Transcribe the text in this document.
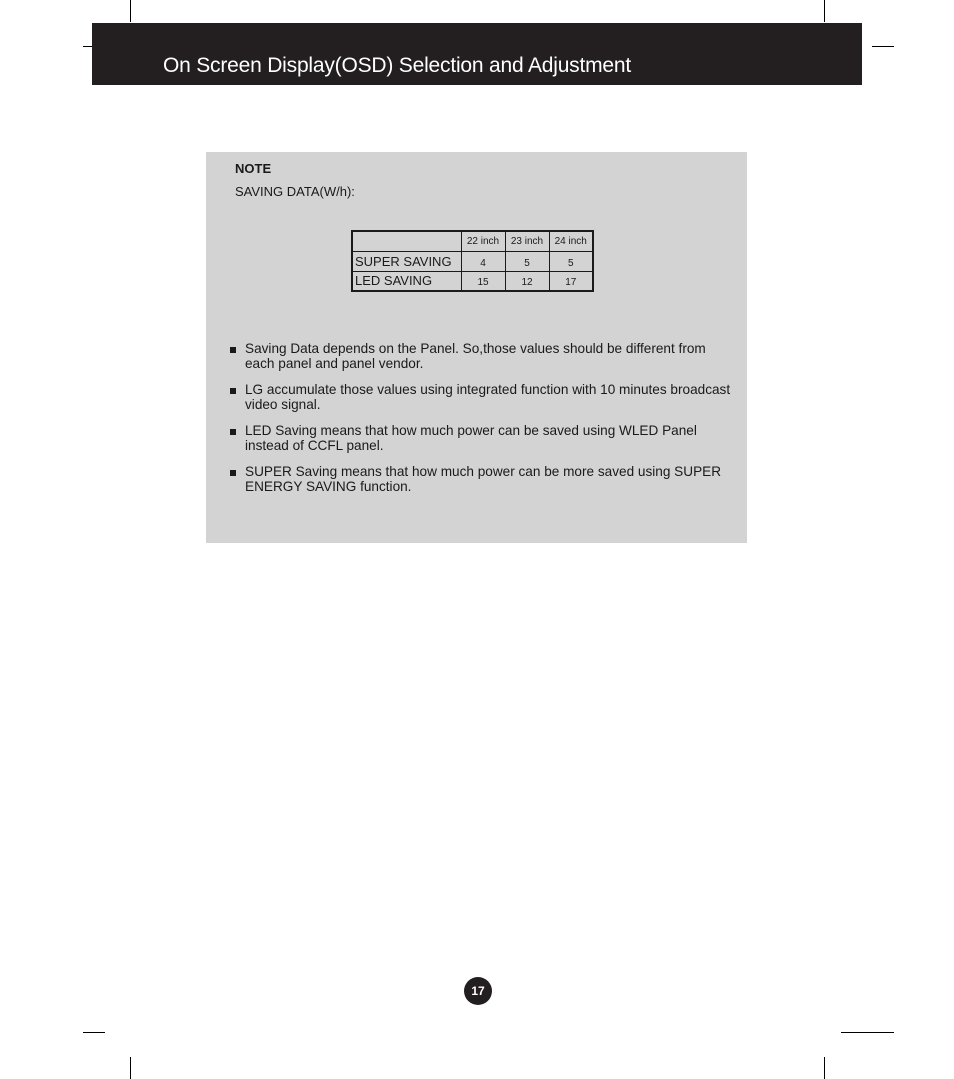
On Screen Display(OSD) Selection and Adjustment
NOTE
SAVING DATA(W/h):
	22 inch	23 inch	24 inch
SUPER SAVING	4	5	5
LED SAVING	15	12	17
Saving Data depends on the Panel. So,those values should be different from each panel and panel vendor.
LG accumulate those values using integrated function with 10 minutes broadcast video signal.
LED Saving means that how much power can be saved using WLED Panel instead of CCFL panel.
SUPER Saving means that how much power can be more saved using SUPER ENERGY SAVING function.
17
